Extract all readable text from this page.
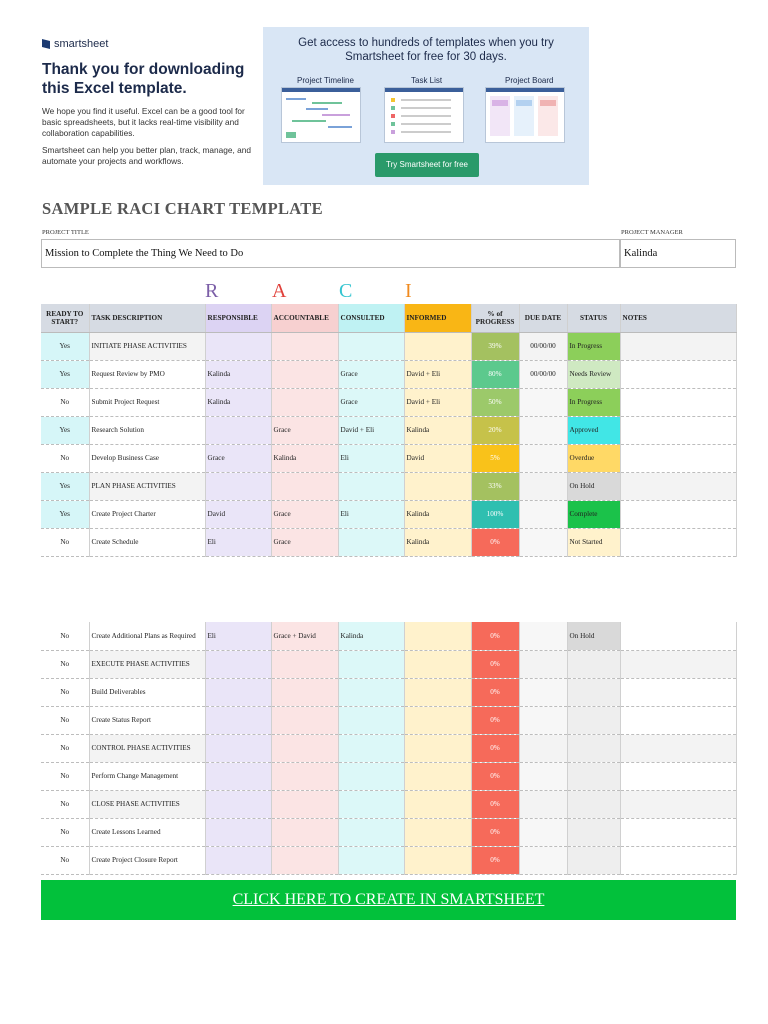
smartsheet
Thank you for downloading
this Excel template.
We hope you find it useful. Excel can be a good tool for basic spreadsheets, but it lacks real-time visibility and collaboration capabilities.
Smartsheet can help you better plan, track, manage, and automate your projects and workflows.
Get access to hundreds of templates when you try
Smartsheet for free for 30 days.
Project Timeline	Task List	Project Board
Try Smartsheet for free
SAMPLE RACI CHART TEMPLATE
PROJECT TITLE	PROJECT MANAGER
Mission to Complete the Thing We Need to Do	Kalinda
R	A	C	I
READY TO START?	TASK DESCRIPTION	RESPONSIBLE	ACCOUNTABLE	CONSULTED	INFORMED	% of PROGRESS	DUE DATE	STATUS	NOTES
Yes	INITIATE PHASE ACTIVITIES					39%	00/00/00	In Progress	
Yes	Request Review by PMO	Kalinda		Grace	David + Eli	80%	00/00/00	Needs Review	
No	Submit Project Request	Kalinda		Grace	David + Eli	50%		In Progress	
Yes	Research Solution		Grace	David + Eli	Kalinda	20%		Approved	
No	Develop Business Case	Grace	Kalinda	Eli	David	5%		Overdue	
Yes	PLAN PHASE ACTIVITIES					33%		On Hold	
Yes	Create Project Charter	David	Grace	Eli	Kalinda	100%		Complete	
No	Create Schedule	Eli	Grace		Kalinda	0%		Not Started	
No	Create Additional Plans as Required	Eli	Grace + David	Kalinda		0%		On Hold	
No	EXECUTE PHASE ACTIVITIES					0%			
No	Build Deliverables					0%			
No	Create Status Report					0%			
No	CONTROL PHASE ACTIVITIES					0%			
No	Perform Change Management					0%			
No	CLOSE PHASE ACTIVITIES					0%			
No	Create Lessons Learned					0%			
No	Create Project Closure Report					0%			
CLICK HERE TO CREATE IN SMARTSHEET
